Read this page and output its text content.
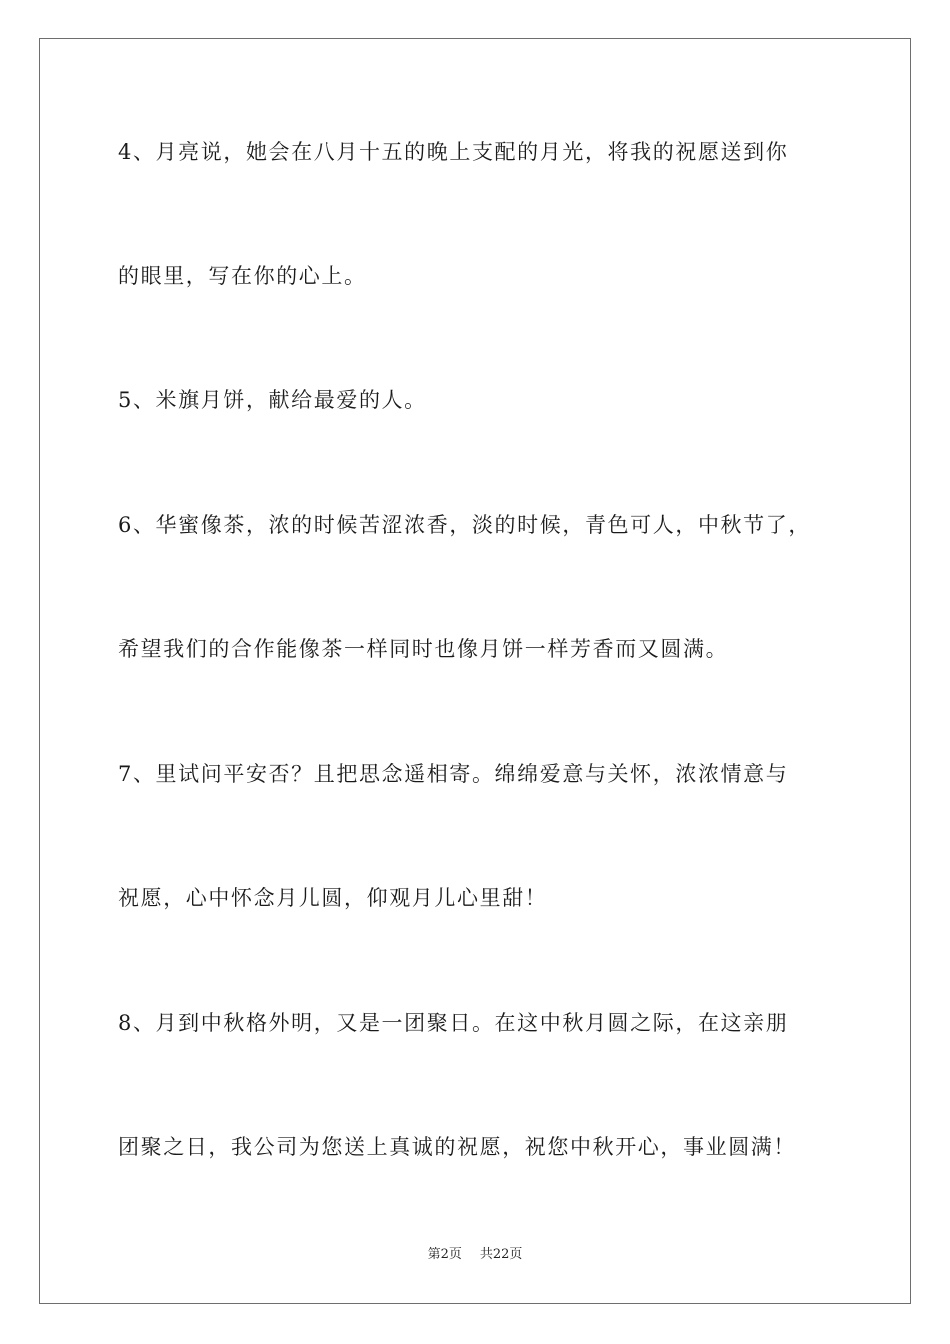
4、月亮说，她会在八月十五的晚上支配的月光，将我的祝愿送到你
的眼里，写在你的心上。
5、米旗月饼，献给最爱的人。
6、华蜜像茶，浓的时候苦涩浓香，淡的时候，青色可人，中秋节了，
希望我们的合作能像茶一样同时也像月饼一样芳香而又圆满。
7、里试问平安否？且把思念遥相寄。绵绵爱意与关怀，浓浓情意与
祝愿，心中怀念月儿圆，仰观月儿心里甜！
8、月到中秋格外明，又是一团聚日。在这中秋月圆之际，在这亲朋
团聚之日，我公司为您送上真诚的祝愿，祝您中秋开心，事业圆满！
第2页 共22页
